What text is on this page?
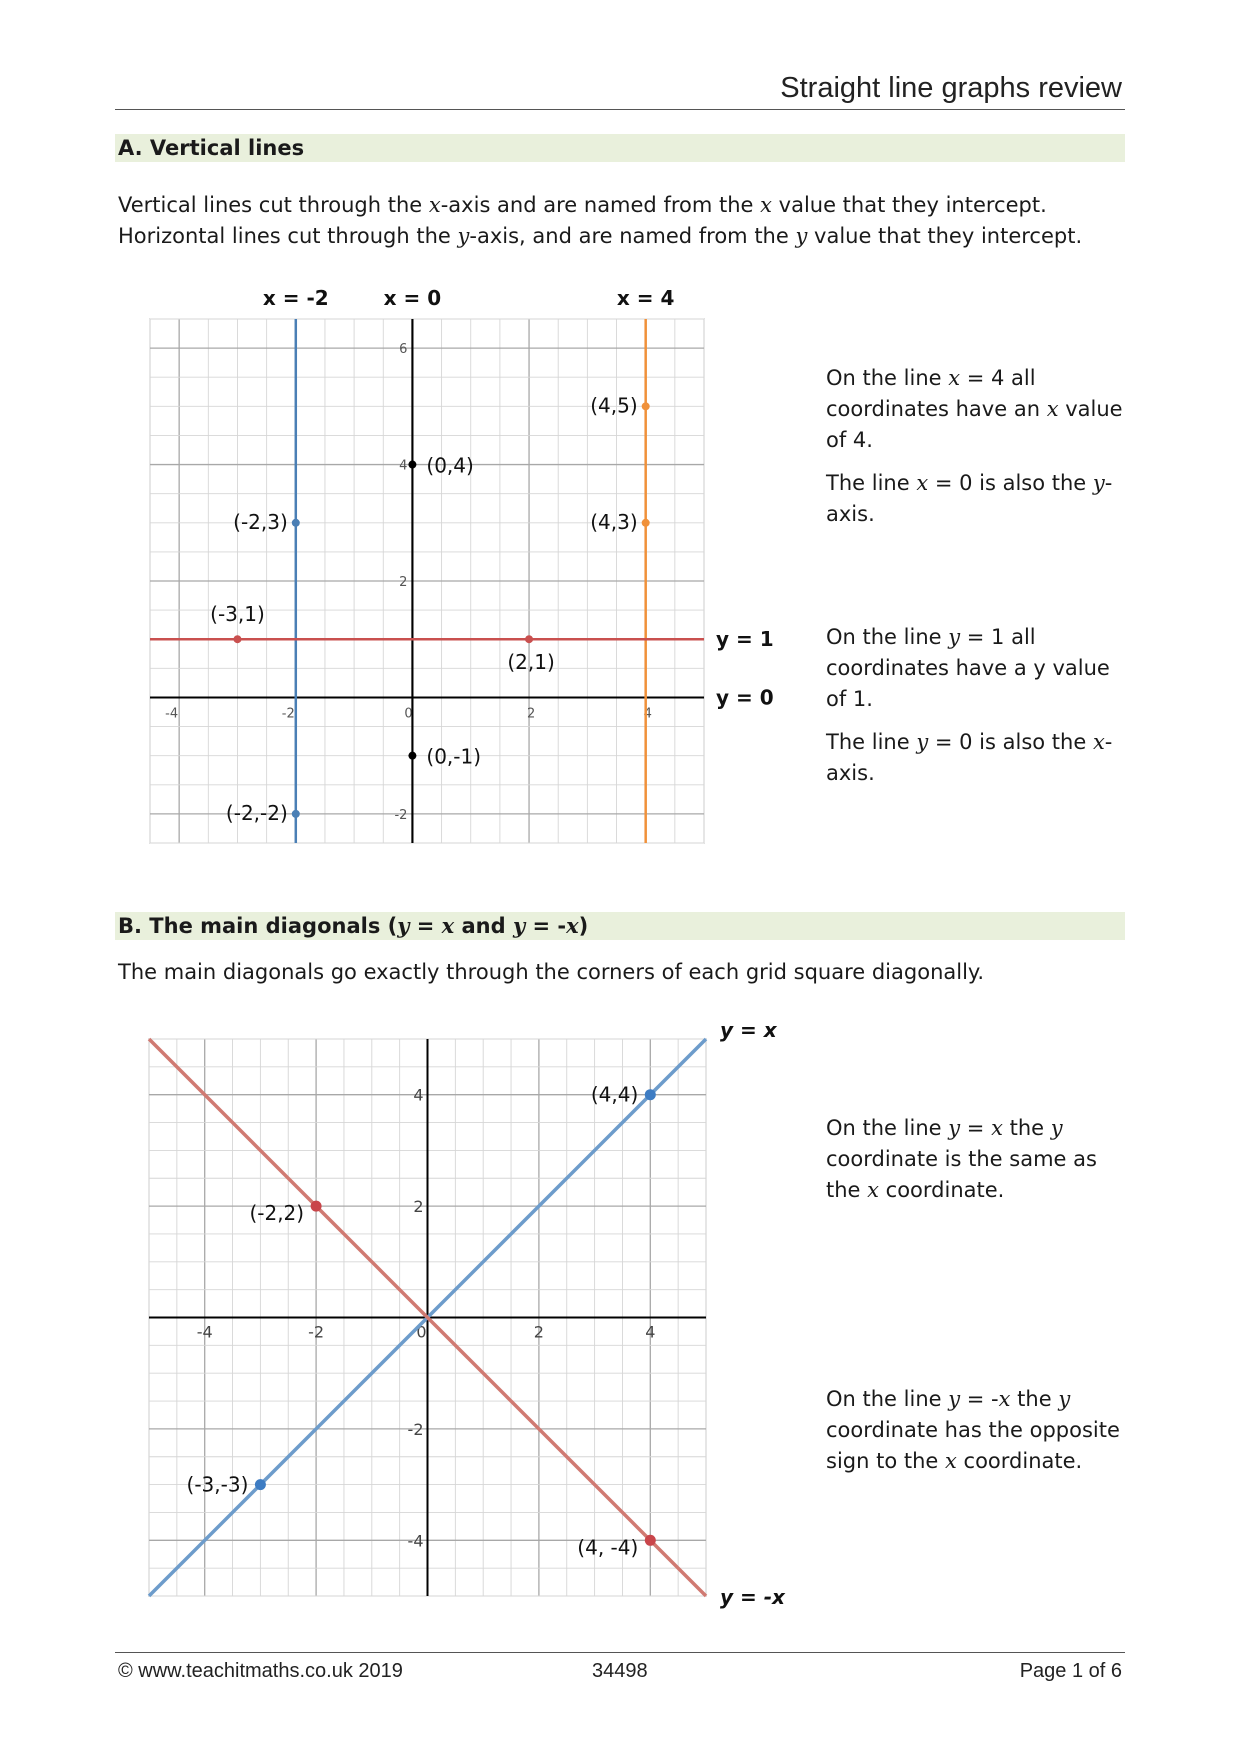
Straight line graphs review
A. Vertical lines
Vertical lines cut through the x-axis and are named from the x value that they intercept.
Horizontal lines cut through the y-axis, and are named from the y value that they intercept.
-4	-2	0	2	4
6
4
2
-2
x = -2
(-2,3)
(-2,-2)
x = 0
(0,4)
(0,-1)
x = 4
(4,5)
(4,3)
y = 1
(-3,1)
(2,1)
y = 0
-4	-2	0	2	4
4
2
-2
-4
y = x
(4,4)
(-3,-3)
y = -x
(-2,2)
(4, -4)

On the line x = 4 all coordinates have an x value of 4.

The line x = 0 is also the y-axis.

On the line y = 1 all coordinates have a y value of 1.

The line y = 0 is also the x-axis.

B. The main diagonals (y = x and y = -x)
The main diagonals go exactly through the corners of each grid square diagonally.

On the line y = x the y coordinate is the same as the x coordinate.

On the line y = -x the y coordinate has the opposite sign to the x coordinate.

© www.teachitmaths.co.uk 2019	34498	Page 1 of 6
